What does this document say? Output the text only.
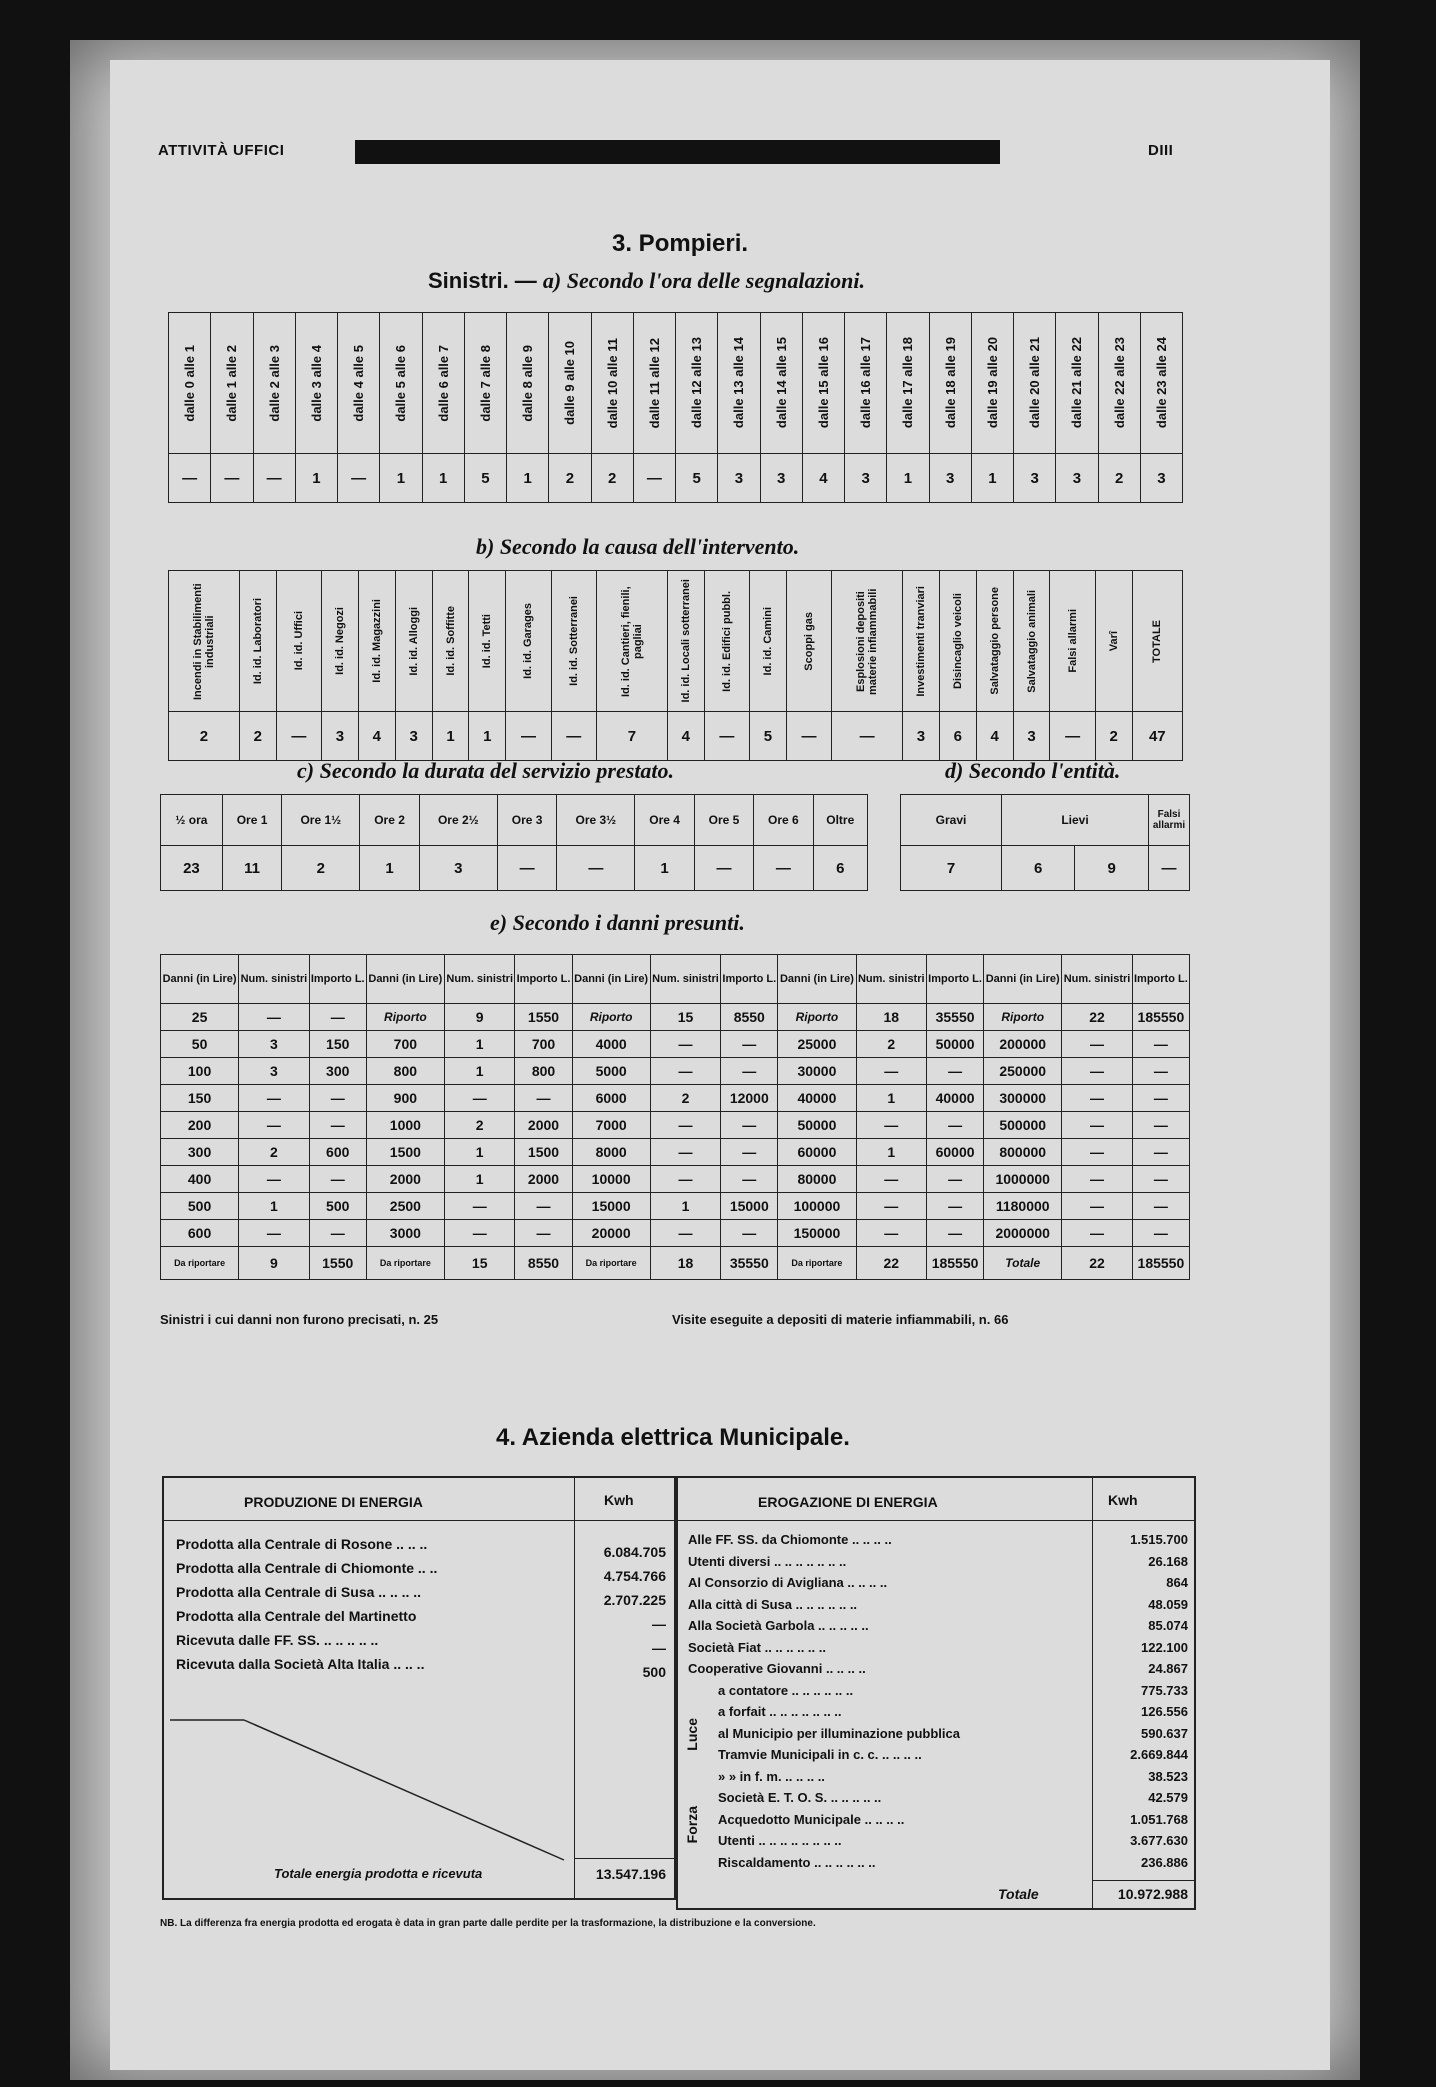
ATTIVITÀ UFFICI	DIII
3. Pompieri.
Sinistri. — a) Secondo l'ora delle segnalazioni.
dalle 0 alle 1	dalle 1 alle 2	dalle 2 alle 3	dalle 3 alle 4	dalle 4 alle 5	dalle 5 alle 6	dalle 6 alle 7	dalle 7 alle 8	dalle 8 alle 9	dalle 9 alle 10	dalle 10 alle 11	dalle 11 alle 12	dalle 12 alle 13	dalle 13 alle 14	dalle 14 alle 15	dalle 15 alle 16	dalle 16 alle 17	dalle 17 alle 18	dalle 18 alle 19	dalle 19 alle 20	dalle 20 alle 21	dalle 21 alle 22	dalle 22 alle 23	dalle 23 alle 24

—	—	—	1	—	1	1	5	1	2	2	—	5	3	3	4	3	1	3	1	3	3	2	3
b) Secondo la causa dell'intervento.
Incendi in Stabilimenti industriali	Id. id. Laboratori	Id. id. Uffici	Id. id. Negozi	Id. id. Magazzini	Id. id. Alloggi	Id. id. Soffitte	Id. id. Tetti	Id. id. Garages	Id. id. Sotterranei	Id. id. Cantieri, fienili, pagliai	Id. id. Locali sotterranei	Id. id. Edifici pubbl.	Id. id. Camini	Scoppi gas	Esplosioni depositi materie infiammabili	Investimenti tranviari	Disincaglio veicoli	Salvataggio persone	Salvataggio animali	Falsi allarmi	Varî	TOTALE

2	2	—	3	4	3	1	1	—	—	7	4	—	5	—	—	3	6	4	3	—	2	47
c) Secondo la durata del servizio prestato.	d) Secondo l'entità.
½ ora	Ore 1	Ore 1½	Ore 2	Ore 2½	Ore 3	Ore 3½	Ore 4	Ore 5	Ore 6	Oltre
23	11	2	1	3	—	—	1	—	—	6
Gravi	Lievi		Falsi allarmi
7	6	9	—
e) Secondo i danni presunti.
Danni (in Lire)	Num. sinistri	Importo L.	Danni (in Lire)	Num. sinistri	Importo L.	Danni (in Lire)	Num. sinistri	Importo L.	Danni (in Lire)	Num. sinistri	Importo L.	Danni (in Lire)	Num. sinistri	Importo L.
25	—	—	Riporto	9	1550	Riporto	15	8550	Riporto	18	35550	Riporto	22	185550
50	3	150	700	1	700	4000	—	—	25000	2	50000	200000	—	—
100	3	300	800	1	800	5000	—	—	30000	—	—	250000	—	—
150	—	—	900	—	—	6000	2	12000	40000	1	40000	300000	—	—
200	—	—	1000	2	2000	7000	—	—	50000	—	—	500000	—	—
300	2	600	1500	1	1500	8000	—	—	60000	1	60000	800000	—	—
400	—	—	2000	1	2000	10000	—	—	80000	—	—	1000000	—	—
500	1	500	2500	—	—	15000	1	15000	100000	—	—	1180000	—	—
600	—	—	3000	—	—	20000	—	—	150000	—	—	2000000	—	—
Da riportare	9	1550	Da riportare	15	8550	Da riportare	18	35550	Da riportare	22	185550	Totale	22	185550
Sinistri i cui danni non furono precisati, n. 25	Visite eseguite a depositi di materie infiammabili, n. 66
4. Azienda elettrica Municipale.
PRODUZIONE DI ENERGIA	Kwh
Prodotta alla Centrale di Rosone .. .. ..	6.084.705
Prodotta alla Centrale di Chiomonte .. ..	4.754.766
Prodotta alla Centrale di Susa .. .. .. ..	2.707.225
Prodotta alla Centrale del Martinetto	—
Ricevuta dalle FF. SS. .. .. .. .. ..	—
Ricevuta dalla Società Alta Italia .. .. ..	500
Totale energia prodotta e ricevuta	13.547.196
EROGAZIONE DI ENERGIA	Kwh
Luce
Forza
Alle FF. SS. da Chiomonte .. .. .. ..	1.515.700
Utenti diversi .. .. .. .. .. .. ..	26.168
Al Consorzio di Avigliana .. .. .. ..	864
Alla città di Susa .. .. .. .. .. ..	48.059
Alla Società Garbola .. .. .. .. ..	85.074
Società Fiat .. .. .. .. .. ..	122.100
Cooperative Giovanni .. .. .. ..	24.867
a contatore .. .. .. .. .. ..	775.733
a forfait .. .. .. .. .. .. ..	126.556
al Municipio per illuminazione pubblica	590.637
Tramvie Municipali in c. c. .. .. .. ..	2.669.844
» » in f. m. .. .. .. ..	38.523
Società E. T. O. S. .. .. .. .. ..	42.579
Acquedotto Municipale .. .. .. ..	1.051.768
Utenti .. .. .. .. .. .. .. ..	3.677.630
Riscaldamento .. .. .. .. .. ..	236.886
Totale	10.972.988
NB. La differenza fra energia prodotta ed erogata è data in gran parte dalle perdite per la trasformazione, la distribuzione e la conversione.
